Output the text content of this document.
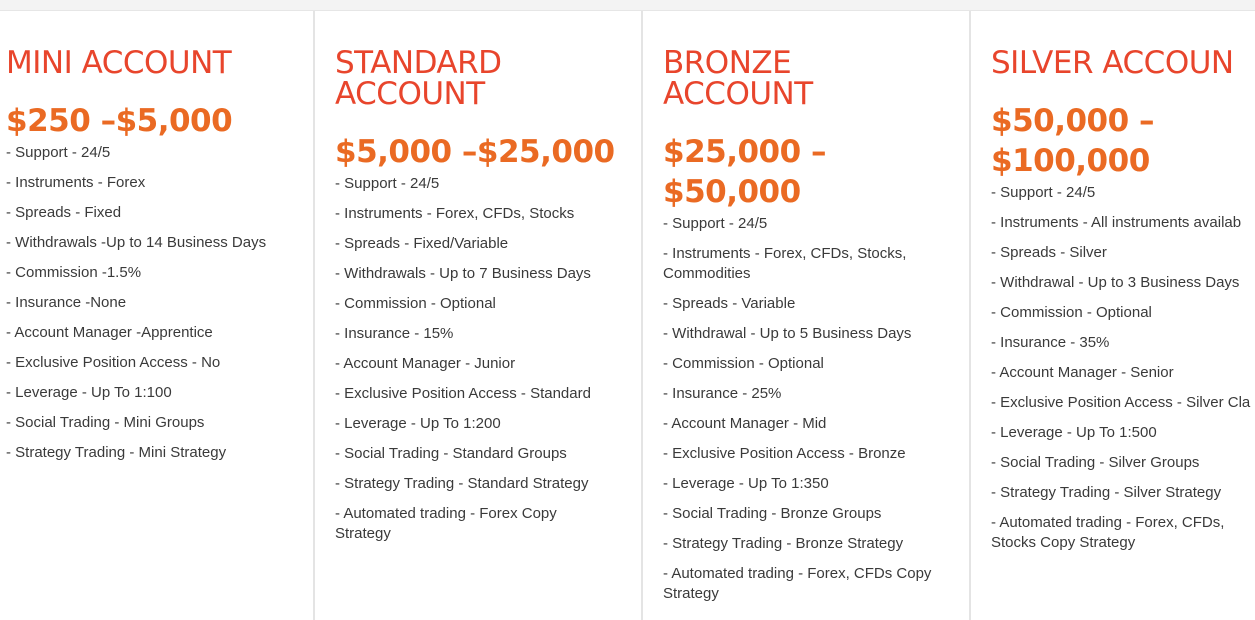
MINI ACCOUNT
$250 –$5,000
- Support - 24/5
- Instruments - Forex
- Spreads - Fixed
- Withdrawals -Up to 14 Business Days
- Commission -1.5%
- Insurance -None
- Account Manager -Apprentice
- Exclusive Position Access - No
- Leverage - Up To 1:100
- Social Trading - Mini Groups
- Strategy Trading - Mini Strategy
STANDARD
ACCOUNT
$5,000 –$25,000
- Support - 24/5
- Instruments - Forex, CFDs, Stocks
- Spreads - Fixed/Variable
- Withdrawals - Up to 7 Business Days
- Commission - Optional
- Insurance - 15%
- Account Manager - Junior
- Exclusive Position Access - Standard
- Leverage - Up To 1:200
- Social Trading - Standard Groups
- Strategy Trading - Standard Strategy
- Automated trading - Forex Copy Strategy
BRONZE
ACCOUNT
$25,000 –
$50,000
- Support - 24/5
- Instruments - Forex, CFDs, Stocks, Commodities
- Spreads - Variable
- Withdrawal - Up to 5 Business Days
- Commission - Optional
- Insurance - 25%
- Account Manager - Mid
- Exclusive Position Access - Bronze
- Leverage - Up To 1:350
- Social Trading - Bronze Groups
- Strategy Trading - Bronze Strategy
- Automated trading - Forex, CFDs Copy Strategy
SILVER ACCOUN
$50,000 –
$100,000
- Support - 24/5
- Instruments - All instruments availab
- Spreads - Silver
- Withdrawal - Up to 3 Business Days
- Commission - Optional
- Insurance - 35%
- Account Manager - Senior
- Exclusive Position Access - Silver Cla
- Leverage - Up To 1:500
- Social Trading - Silver Groups
- Strategy Trading - Silver Strategy
- Automated trading - Forex, CFDs, Stocks Copy Strategy
